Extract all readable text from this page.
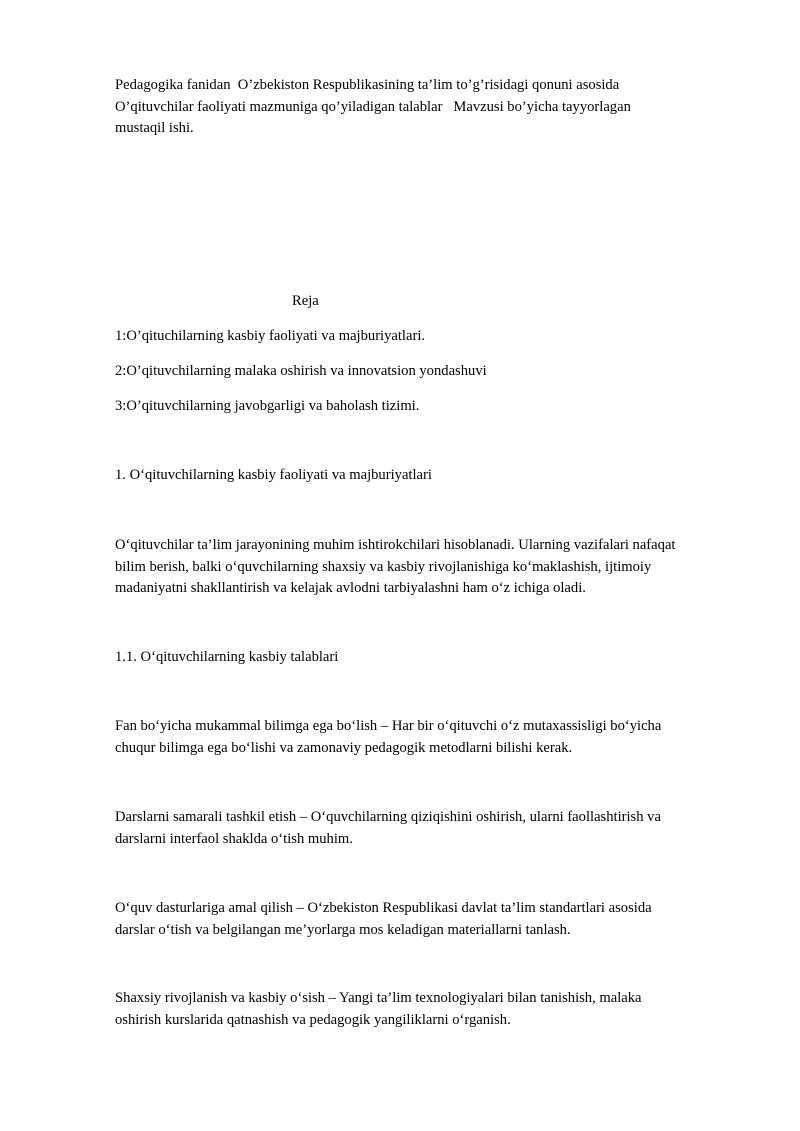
Pedagogika fanidan  O’zbekiston Respublikasining ta’lim to’g’risidagi qonuni asosida
O’qituvchilar faoliyati mazmuniga qo’yiladigan talablar   Mavzusi bo’yicha tayyorlagan
mustaqil ishi.

Reja

1:O’qituchilarning kasbiy faoliyati va majburiyatlari.

2:O’qituvchilarning malaka oshirish va innovatsion yondashuvi

3:O’qituvchilarning javobgarligi va baholash tizimi.

1. O‘qituvchilarning kasbiy faoliyati va majburiyatlari

O‘qituvchilar ta’lim jarayonining muhim ishtirokchilari hisoblanadi. Ularning vazifalari nafaqat
bilim berish, balki o‘quvchilarning shaxsiy va kasbiy rivojlanishiga ko‘maklashish, ijtimoiy
madaniyatni shakllantirish va kelajak avlodni tarbiyalashni ham o‘z ichiga oladi.

1.1. O‘qituvchilarning kasbiy talablari

Fan bo‘yicha mukammal bilimga ega bo‘lish – Har bir o‘qituvchi o‘z mutaxassisligi bo‘yicha
chuqur bilimga ega bo‘lishi va zamonaviy pedagogik metodlarni bilishi kerak.

Darslarni samarali tashkil etish – O‘quvchilarning qiziqishini oshirish, ularni faollashtirish va
darslarni interfaol shaklda o‘tish muhim.

O‘quv dasturlariga amal qilish – O‘zbekiston Respublikasi davlat ta’lim standartlari asosida
darslar o‘tish va belgilangan me’yorlarga mos keladigan materiallarni tanlash.

Shaxsiy rivojlanish va kasbiy o‘sish – Yangi ta’lim texnologiyalari bilan tanishish, malaka
oshirish kurslarida qatnashish va pedagogik yangiliklarni o‘rganish.
